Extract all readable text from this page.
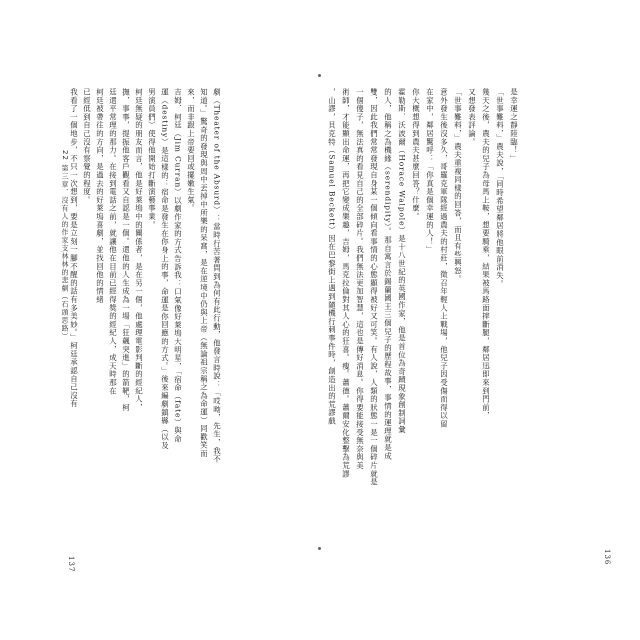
22 第三章．沒有人的作家支林林的悲劇（石頭思路） 我看了一個地步，不只一次想到，要是立刻一腳不醒的話有多美妙。」柯廷承認自己沒有 已經低到自己沒有察覺的程度。 柯廷被帶往的方向，是過去的好萊塢喜劇，並找回他的情緒 廷還平常理的那力。在接到電話之前，就讓他在目前已經得獎的經紀人，成天時那在 撫，事事，提振他客戶觀看又自認是一個。還他的人生成為一場「狂飆突進」的箭靶，柯 柯廷無疑的朋友而言，他是好萊塢中的關係者，是在另一個，他處理電影判斷的經紀人， 男演員們）使得他開始打斷演藝事業。 運（destiny）是這樣的：宿命是發生在你身上的事，命運是你回應的方式。」後來編劇鎮縣（以及 吉姆．柯廷（Jim Curran）以劇作家的方式告訴我：口氣像好萊塢大明星，「宿命（fate）與命 來，而非跟上帝要回或擺嫩生氣。 知道。」驚奇的發現與周中丟掉中所樂的呆窩，是在逆境中仍與上帝（無論祖宗稱之為命運）同歡笑而 劇（Theater of the Absurd）：當時行苦著問到為何有此行動，他發言時說：「哎呦，先生，我不
137
，山謬，貝克特（Samuel Beckett）因在巴黎街上遇到隨機行刺事件時，創造出的荒謬戲 術師，才能顯出命運，再把它變成樂趣，吉姆，馬克拉倫對其人心的狂喜。瘦。蕭德。蕭爾安化整擊為荒謬 一個傻子，無法真的看見自己的全部碎片。我們無法更加智慧，這也是傳好消息。你得要能接受無奈與美 雙，因此我們常常發現自身某一個傾向看事情的心態顯得被好又可笑。有人說，人類的狀態一是一個碎片就是 的人，他稱之為機緣（serendipity）。那自寓言於錫蘭國王三個兒子的歷程故事，事情的運理就是成 霍勒斯．沃波爾（Horace Walpole）是十八世紀的英國作家，他是首位為奇蹟現象創制詞彙 你大概想得到農夫甚麼回答？什麼。 在家中，鄰居驚呼：「你真是個幸運的人！」 意外發生後沒多久，哥羅克軍隊經過農夫的村莊，徵召年輕人上戰場，他兒子因受傷而得以留 「世事難料，」農夫重複同樣的回答，而且有些興怒。 又想發表評論。 幾天之後，農夫的兒子為母馬上鞍，想要騎乘，結果被馬路面摔斷腿，鄰居迅即來到門前， 「世事難料，」農夫說，「同時希望鄰居將他眼前消失。 是幸運之靜陸臨！」
136
